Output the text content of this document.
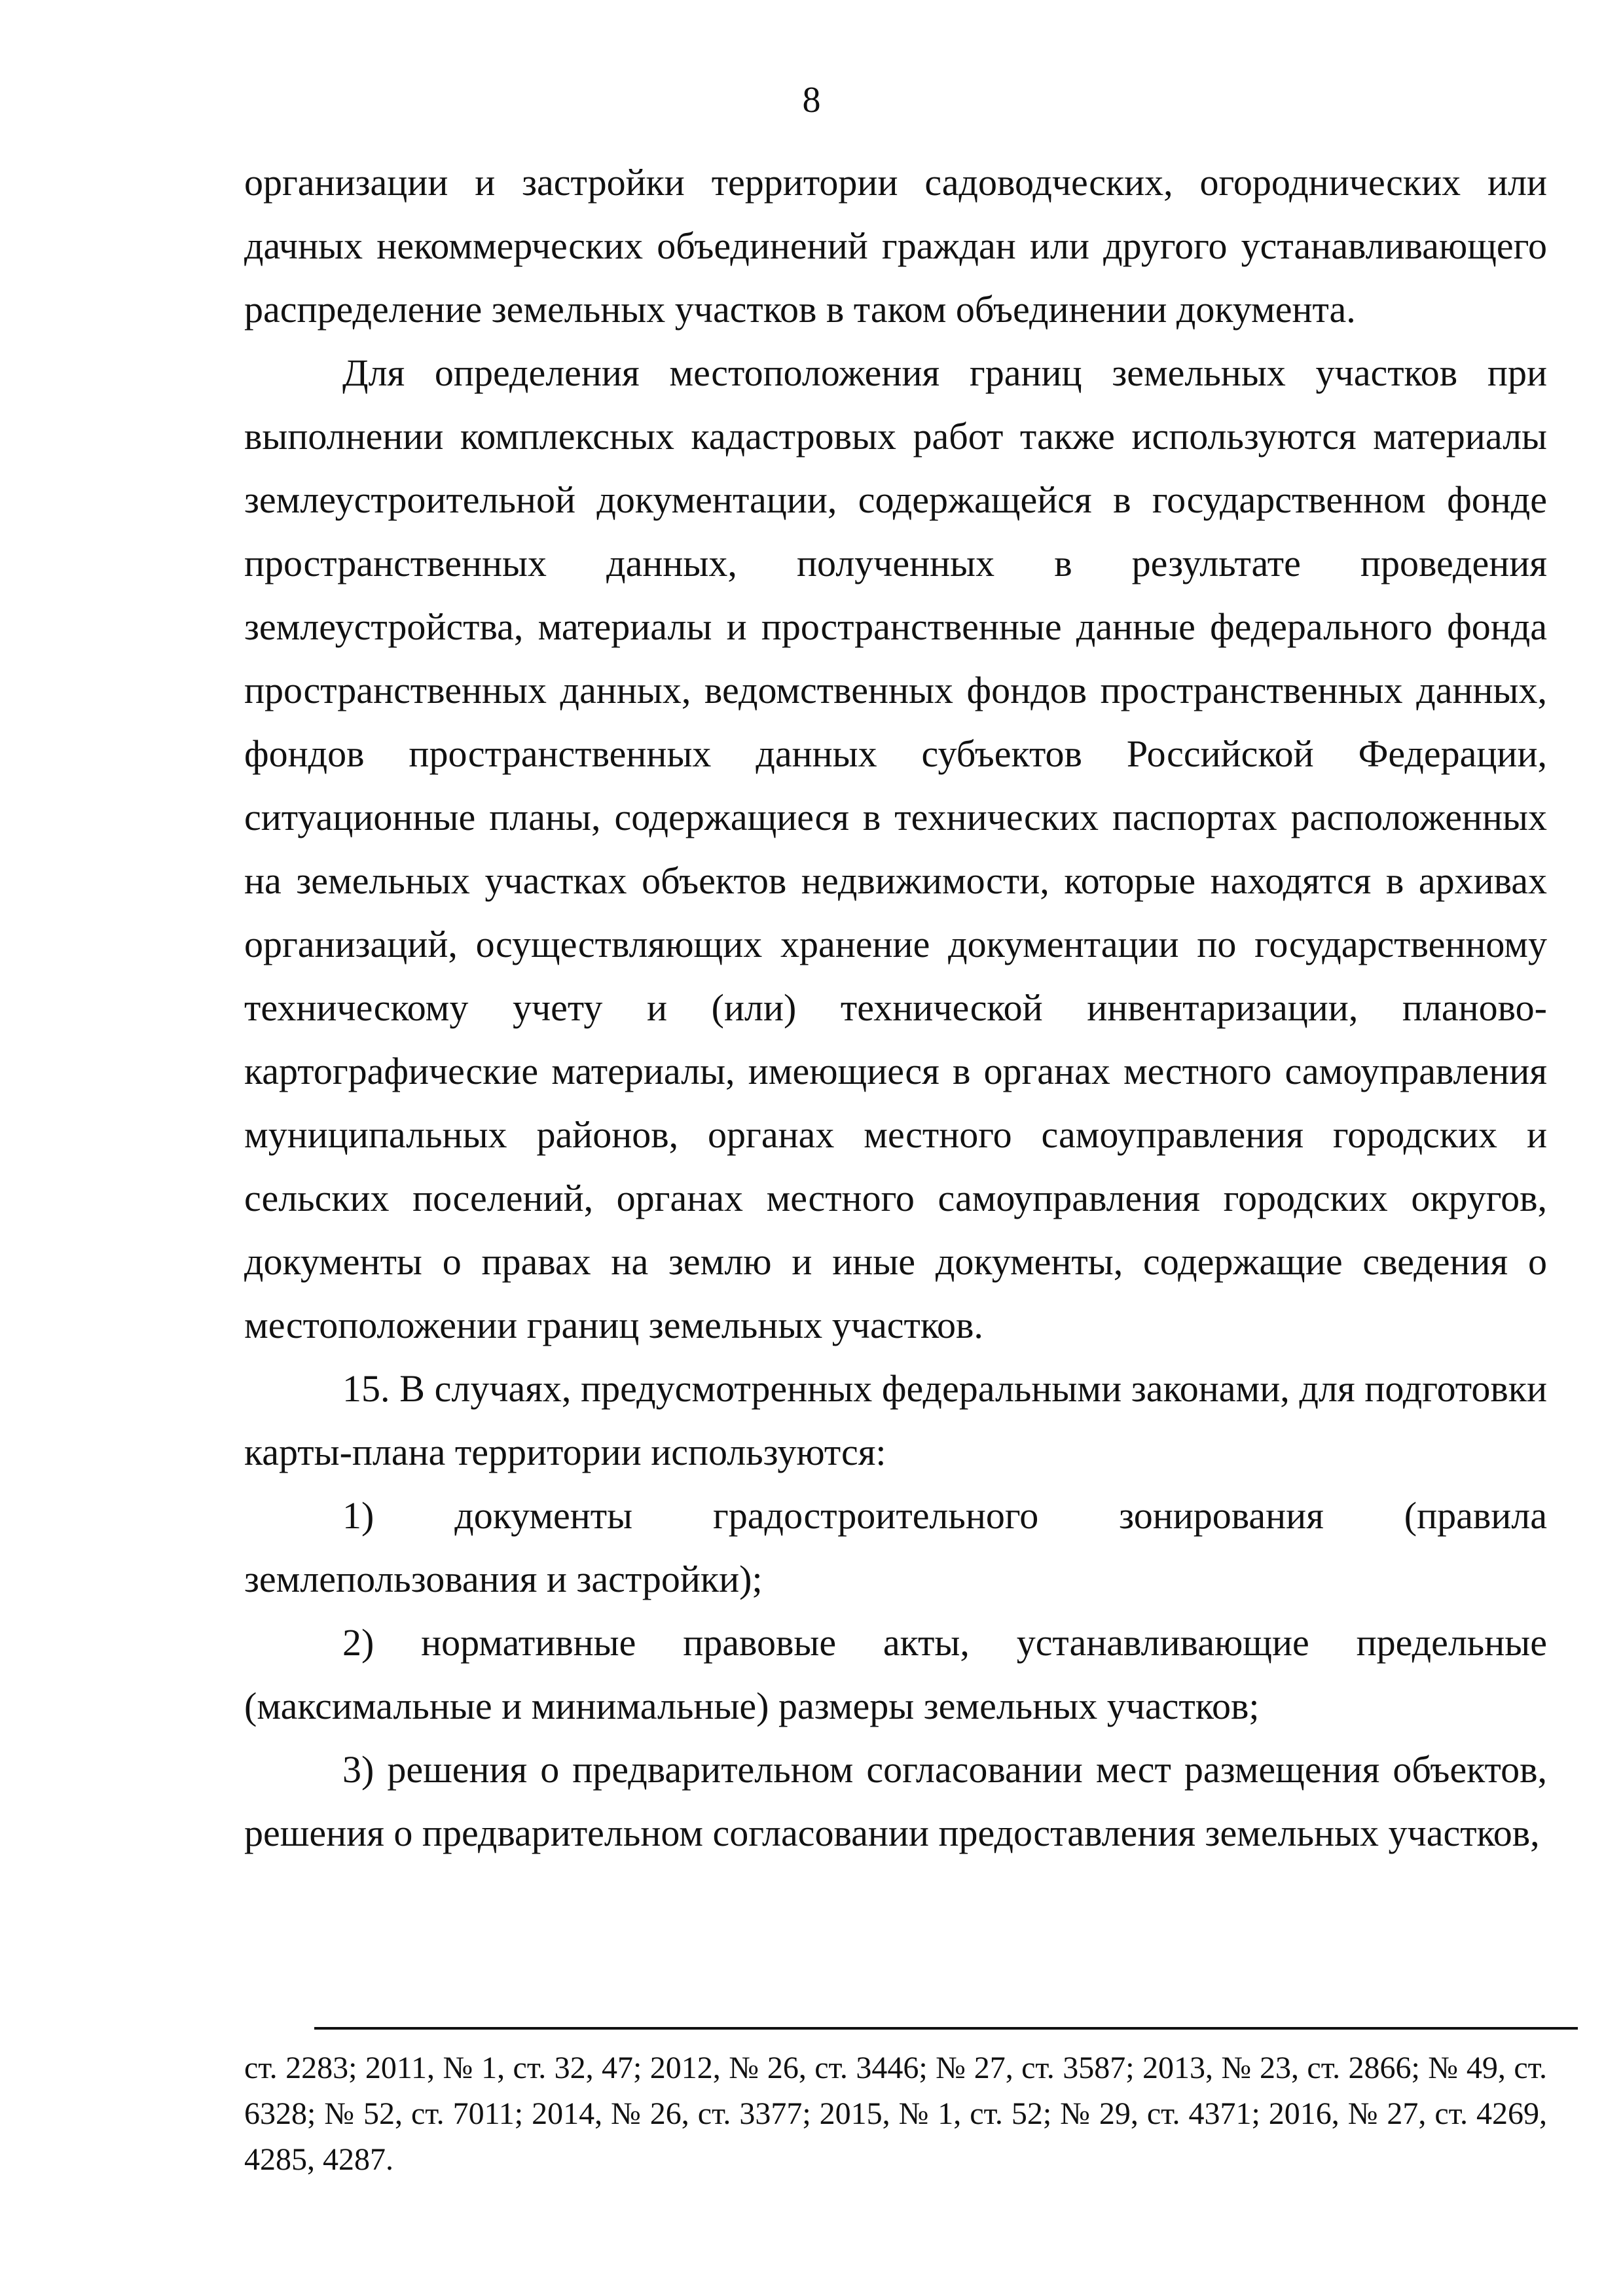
8

организации и застройки территории садоводческих, огороднических или дачных некоммерческих объединений граждан или другого устанавливающего распределение земельных участков в таком объединении документа.

Для определения местоположения границ земельных участков при выполнении комплексных кадастровых работ также используются материалы землеустроительной документации, содержащейся в государственном фонде пространственных данных, полученных в результате проведения землеустройства, материалы и пространственные данные федерального фонда пространственных данных, ведомственных фондов пространственных данных, фондов пространственных данных субъектов Российской Федерации, ситуационные планы, содержащиеся в технических паспортах расположенных на земельных участках объектов недвижимости, которые находятся в архивах организаций, осуществляющих хранение документации по государственному техническому учету и (или) технической инвентаризации, планово-картографические материалы, имеющиеся в органах местного самоуправления муниципальных районов, органах местного самоуправления городских и сельских поселений, органах местного самоуправления городских округов, документы о правах на землю и иные документы, содержащие сведения о местоположении границ земельных участков.

15. В случаях, предусмотренных федеральными законами, для подготовки карты-плана территории используются:

1) документы градостроительного зонирования (правила землепользования и застройки);

2) нормативные правовые акты, устанавливающие предельные (максимальные и минимальные) размеры земельных участков;

3) решения о предварительном согласовании мест размещения объектов, решения о предварительном согласовании предоставления земельных участков,

ст. 2283; 2011, № 1, ст. 32, 47; 2012, № 26, ст. 3446; № 27, ст. 3587; 2013, № 23, ст. 2866; № 49, ст. 6328; № 52, ст. 7011; 2014, № 26, ст. 3377; 2015, № 1, ст. 52; № 29, ст. 4371; 2016, № 27, ст. 4269, 4285, 4287.
